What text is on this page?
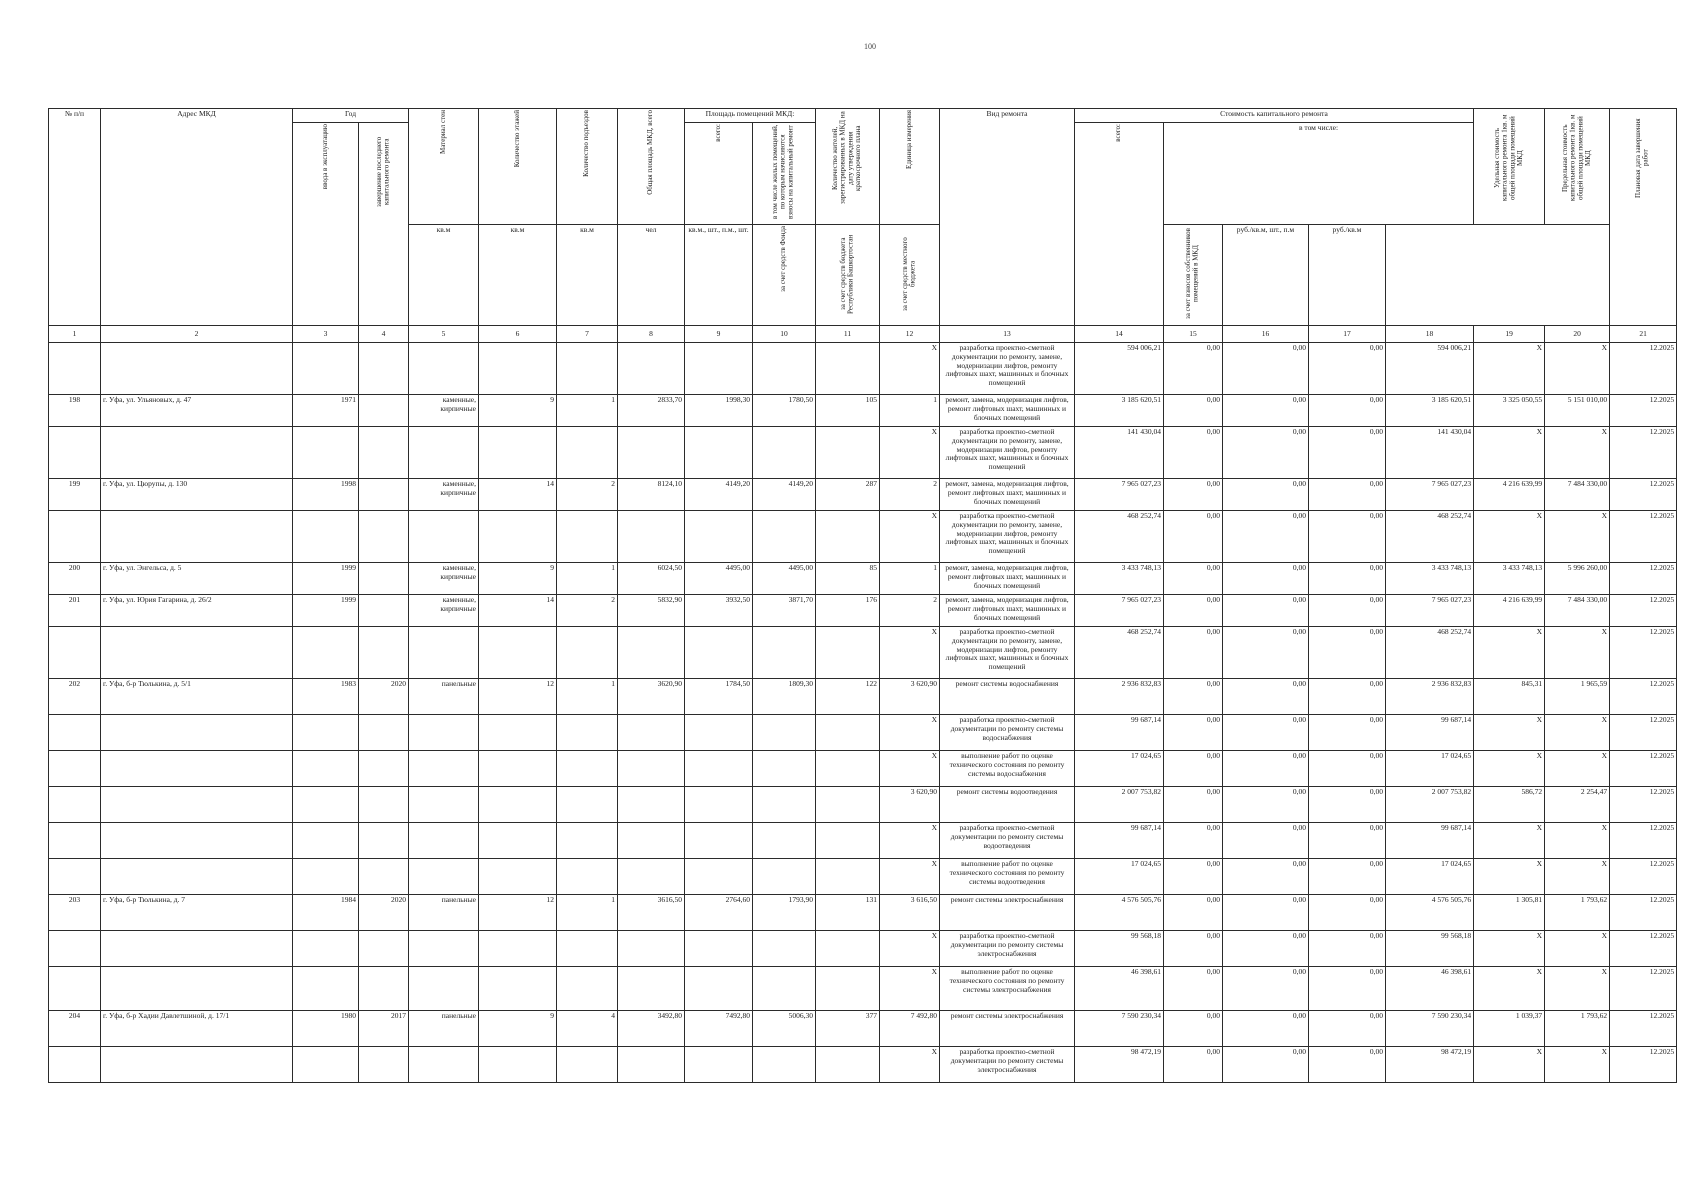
100
№ п/п	Адрес МКД	Год		Материал стен	Количество этажей	Количество подъездов	Общая площадь МКД, всего	Площадь помещений МКД:		Количество жителей, зарегистрированных в МКД на дату утверждения краткосрочного плана	Единица измерения	Вид ремонта	Стоимость капитального ремонта					Удельная стоимость капитального ремонта 1кв. м общей площади помещений МКД	Предельная стоимость капитального ремонта 1кв. м общей площади помещений МКД	Плановая дата завершения работ
		ввода в эксплуатацию	завершение последнего капитального ремонта					всего:	в том числе жилых помещений, по которым начисляются взносы на капитальный ремонт				всего:	в том числе:						
				кв.м	кв.м	кв.м	чел	кв.м., шт., п.м., шт.	за счет средств Фонда	за счет средств бюджета Республики Башкортостан	за счет средств местного бюджета			за счет взносов собственников помещений в МКД	руб./кв.м, шт., п.м	руб./кв.м				
1	2	3	4	5	6	7	8	9	10	11	12	13	14	15	16	17	18	19	20	21
											X	разработка проектно-сметной документации по ремонту, замене, модернизации лифтов, ремонту лифтовых шахт, машинных и блочных помещений	594 006,21	0,00	0,00	0,00	594 006,21	X	X	12.2025
198	г. Уфа, ул. Ульяновых, д. 47	1971		каменные, кирпичные	9	1	2833,70	1998,30	1780,50	105	1	ремонт, замена, модернизация лифтов, ремонт лифтовых шахт, машинных и блочных помещений	3 185 620,51	0,00	0,00	0,00	3 185 620,51	3 325 050,55	5 151 010,00	12.2025
											X	разработка проектно-сметной документации по ремонту, замене, модернизации лифтов, ремонту лифтовых шахт, машинных и блочных помещений	141 430,04	0,00	0,00	0,00	141 430,04	X	X	12.2025
199	г. Уфа, ул. Цюрупы, д. 130	1998		каменные, кирпичные	14	2	8124,10	4149,20	4149,20	287	2	ремонт, замена, модернизация лифтов, ремонт лифтовых шахт, машинных и блочных помещений	7 965 027,23	0,00	0,00	0,00	7 965 027,23	4 216 639,99	7 484 330,00	12.2025
											X	разработка проектно-сметной документации по ремонту, замене, модернизации лифтов, ремонту лифтовых шахт, машинных и блочных помещений	468 252,74	0,00	0,00	0,00	468 252,74	X	X	12.2025
200	г. Уфа, ул. Энгельса, д. 5	1999		каменные, кирпичные	9	1	6024,50	4495,00	4495,00	85	1	ремонт, замена, модернизация лифтов, ремонт лифтовых шахт, машинных и блочных помещений	3 433 748,13	0,00	0,00	0,00	3 433 748,13	3 433 748,13	5 996 260,00	12.2025
201	г. Уфа, ул. Юрия Гагарина, д. 26/2	1999		каменные, кирпичные	14	2	5832,90	3932,50	3871,70	176	2	ремонт, замена, модернизация лифтов, ремонт лифтовых шахт, машинных и блочных помещений	7 965 027,23	0,00	0,00	0,00	7 965 027,23	4 216 639,99	7 484 330,00	12.2025
											X	разработка проектно-сметной документации по ремонту, замене, модернизации лифтов, ремонту лифтовых шахт, машинных и блочных помещений	468 252,74	0,00	0,00	0,00	468 252,74	X	X	12.2025
202	г. Уфа, б-р Тюлькина, д. 5/1	1983	2020	панельные	12	1	3620,90	1784,50	1809,30	122	3 620,90	ремонт системы водоснабжения	2 936 832,83	0,00	0,00	0,00	2 936 832,83	845,31	1 965,59	12.2025
											X	разработка проектно-сметной документации по ремонту системы водоснабжения	99 687,14	0,00	0,00	0,00	99 687,14	X	X	12.2025
											X	выполнение работ по оценке технического состояния по ремонту системы водоснабжения	17 024,65	0,00	0,00	0,00	17 024,65	X	X	12.2025
											3 620,90	ремонт системы водоотведения	2 007 753,82	0,00	0,00	0,00	2 007 753,82	586,72	2 254,47	12.2025
											X	разработка проектно-сметной документации по ремонту системы водоотведения	99 687,14	0,00	0,00	0,00	99 687,14	X	X	12.2025
											X	выполнение работ по оценке технического состояния по ремонту системы водоотведения	17 024,65	0,00	0,00	0,00	17 024,65	X	X	12.2025
203	г. Уфа, б-р Тюлькина, д. 7	1984	2020	панельные	12	1	3616,50	2764,60	1793,90	131	3 616,50	ремонт системы электроснабжения	4 576 505,76	0,00	0,00	0,00	4 576 505,76	1 305,81	1 793,62	12.2025
											X	разработка проектно-сметной документации по ремонту системы электроснабжения	99 568,18	0,00	0,00	0,00	99 568,18	X	X	12.2025
											X	выполнение работ по оценке технического состояния по ремонту системы электроснабжения	46 398,61	0,00	0,00	0,00	46 398,61	X	X	12.2025
204	г. Уфа, б-р Хадии Давлетшиной, д. 17/1	1980	2017	панельные	9	4	3492,80	7492,80	5006,30	377	7 492,80	ремонт системы электроснабжения	7 590 230,34	0,00	0,00	0,00	7 590 230,34	1 039,37	1 793,62	12.2025
											X	разработка проектно-сметной документации по ремонту системы электроснабжения	98 472,19	0,00	0,00	0,00	98 472,19	X	X	12.2025
